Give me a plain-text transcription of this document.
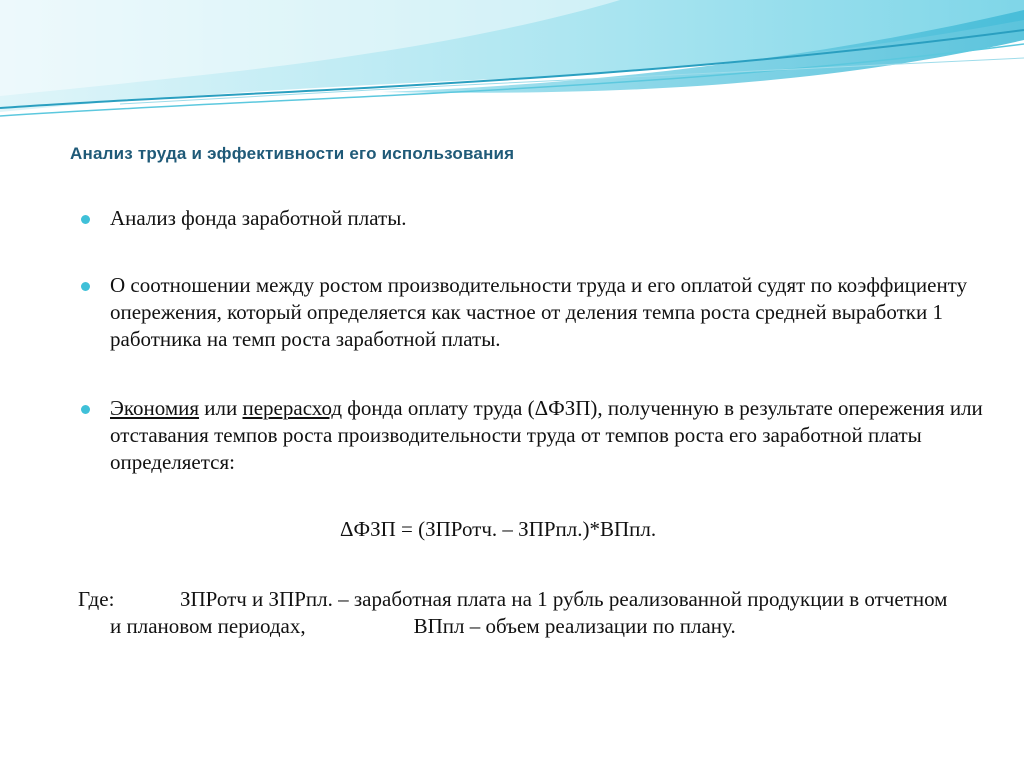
Анализ труда и эффективности его использования

Анализ фонда заработной платы.

О соотношении между ростом производительности труда и его оплатой судят по коэффициенту опережения, который определяется как частное от деления темпа роста средней выработки 1 работника на темп роста заработной платы.

Экономия или перерасход фонда оплату труда (ΔФЗП), полученную в результате опережения или отставания темпов роста производительности труда от темпов роста его заработной платы определяется:

ΔФЗП = (ЗПРотч. – ЗПРпл.)*ВПпл.

Где:	ЗПРотч и ЗПРпл. – заработная плата на 1 рубль реализованной продукции в отчетном и плановом периодах,	ВПпл – объем реализации по плану.
